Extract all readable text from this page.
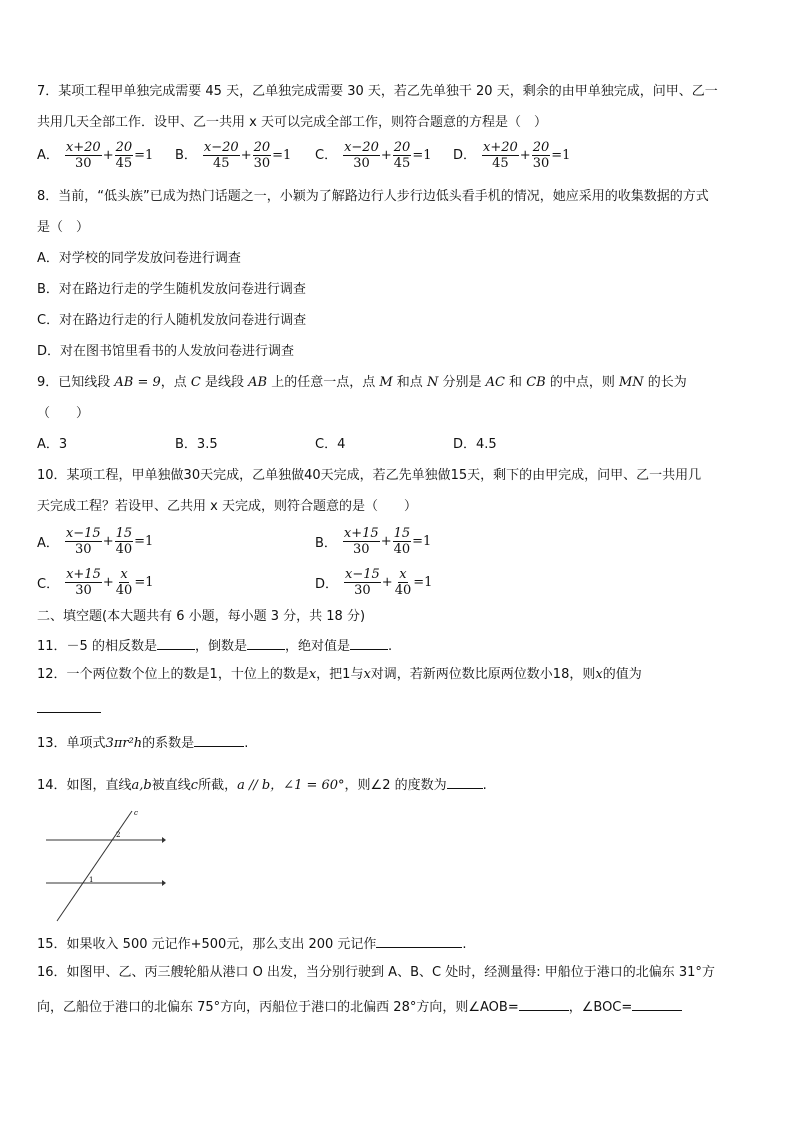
7．某项工程甲单独完成需要 45 天，乙单独完成需要 30 天，若乙先单独干 20 天，剩余的由甲单独完成，问甲、乙一
共用几天全部工作．设甲、乙一共用 x 天可以完成全部工作，则符合题意的方程是（　）
A． $\frac{x+20}{30} + \frac{20}{45} =1$ B． $\frac{x-20}{45} + \frac{20}{30} =1$ C． $\frac{x-20}{30} + \frac{20}{45} =1$ D． $\frac{x+20}{45} + \frac{20}{30} =1$
8．当前，“低头族”已成为热门话题之一，小颖为了解路边行人步行边低头看手机的情况，她应采用的收集数据的方式
是（　）
A．对学校的同学发放问卷进行调查
B．对在路边行走的学生随机发放问卷进行调查
C．对在路边行走的行人随机发放问卷进行调查
D．对在图书馆里看书的人发放问卷进行调查
9．已知线段 AB = 9，点 C 是线段 AB 上的任意一点，点 M 和点 N 分别是 AC 和 CB 的中点，则 MN 的长为
（　　）
A．3	B．3.5	C．4	D．4.5
10．某项工程，甲单独做30天完成，乙单独做40天完成，若乙先单独做15天，剩下的由甲完成，问甲、乙一共用几
天完成工程？若设甲、乙共用 x 天完成，则符合题意的是（　　）
A． $\frac{x-15}{30} + \frac{15}{40} =1$	B． $\frac{x+15}{30} + \frac{15}{40} =1$
C． $\frac{x+15}{30} + \frac{x}{40} =1$	D． $\frac{x-15}{30} + \frac{x}{40} =1$
二、填空题(本大题共有 6 小题，每小题 3 分，共 18 分)
11．－5 的相反数是	，倒数是	，绝对值是	.
12．一个两位数个位上的数是1，十位上的数是x，把1与x对调，若新两位数比原两位数小18，则x的值为
13．单项式3πr²h的系数是	.
14．如图，直线a,b被直线c所截，a // b，∠1 = 60°，则∠2 的度数为	.
c
2
1
15．如果收入 500 元记作+500元，那么支出 200 元记作	.
16．如图甲、乙、丙三艘轮船从港口 O 出发，当分别行驶到 A、B、C 处时，经测量得: 甲船位于港口的北偏东 31°方
向，乙船位于港口的北偏东 75°方向，丙船位于港口的北偏西 28°方向，则∠AOB=	，∠BOC=
